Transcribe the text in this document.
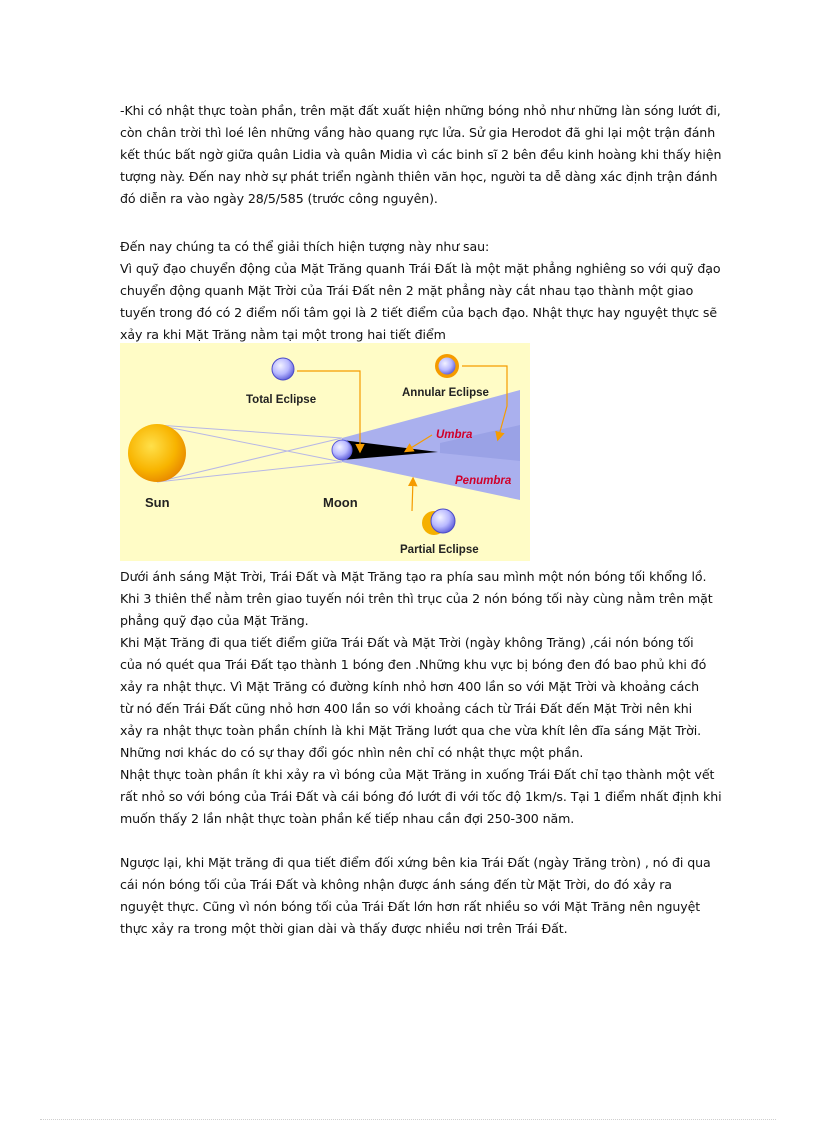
-Khi có nhật thực toàn phần, trên mặt đất xuất hiện những bóng nhỏ như những làn sóng lướt đi,
còn chân trời thì loé lên những vầng hào quang rực lửa. Sử gia Herodot đã ghi lại một trận đánh
kết thúc bất ngờ giữa quân Lidia và quân Midia vì các binh sĩ 2 bên đều kinh hoàng khi thấy hiện
tượng này. Đến nay nhờ sự phát triển ngành thiên văn học, người ta dễ dàng xác định trận đánh
đó diễn ra vào ngày 28/5/585 (trước công nguyên).

Đến nay chúng ta có thể giải thích hiện tượng này như sau:
Vì quỹ đạo chuyển động của Mặt Trăng quanh Trái Đất là một mặt phẳng nghiêng so với quỹ đạo
chuyển động quanh Mặt Trời của Trái Đất nên 2 mặt phẳng này cắt nhau tạo thành một giao
tuyến trong đó có 2 điểm nối tâm gọi là 2 tiết điểm của bạch đạo. Nhật thực hay nguyệt thực sẽ
xảy ra khi Mặt Trăng nằm tại một trong hai tiết điểm

Total Eclipse
Annular Eclipse
Umbra
Penumbra
Sun	Moon
Partial Eclipse

Dưới ánh sáng Mặt Trời, Trái Đất và Mặt Trăng tạo ra phía sau mình một nón bóng tối khổng lồ.
Khi 3 thiên thể nằm trên giao tuyến nói trên thì trục của 2 nón bóng tối này cùng nằm trên mặt
phẳng quỹ đạo của Mặt Trăng.
Khi Mặt Trăng đi qua tiết điểm giữa Trái Đất và Mặt Trời (ngày không Trăng) ,cái nón bóng tối
của nó quét qua Trái Đất tạo thành 1 bóng đen .Những khu vực bị bóng đen đó bao phủ khi đó
xảy ra nhật thực. Vì Mặt Trăng có đường kính nhỏ hơn 400 lần so với Mặt Trời và khoảng cách
từ nó đến Trái Đất cũng nhỏ hơn 400 lần so với khoảng cách từ Trái Đất đến Mặt Trời nên khi
xảy ra nhật thực toàn phần chính là khi Mặt Trăng lướt qua che vừa khít lên đĩa sáng Mặt Trời.
Những nơi khác do có sự thay đổi góc nhìn nên chỉ có nhật thực một phần.
Nhật thực toàn phần ít khi xảy ra vì bóng của Mặt Trăng in xuống Trái Đất chỉ tạo thành một vết
rất nhỏ so với bóng của Trái Đất và cái bóng đó lướt đi với tốc độ 1km/s. Tại 1 điểm nhất định khi
muốn thấy 2 lần nhật thực toàn phần kế tiếp nhau cần đợi 250-300 năm.

Ngược lại, khi Mặt trăng đi qua tiết điểm đối xứng bên kia Trái Đất (ngày Trăng tròn) , nó đi qua
cái nón bóng tối của Trái Đất và không nhận được ánh sáng đến từ Mặt Trời, do đó xảy ra
nguyệt thực. Cũng vì nón bóng tối của Trái Đất lớn hơn rất nhiều so với Mặt Trăng nên nguyệt
thực xảy ra trong một thời gian dài và thấy được nhiều nơi trên Trái Đất.
